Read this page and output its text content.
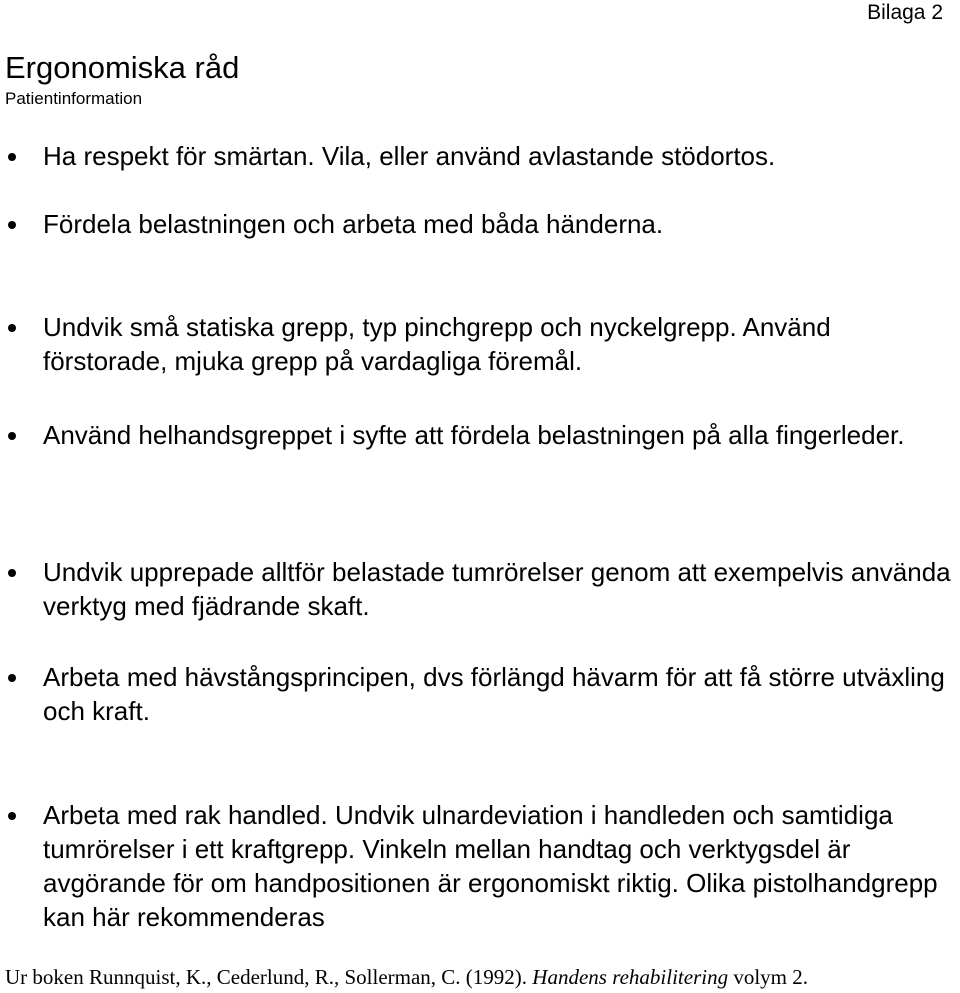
Bilaga 2
Ergonomiska råd
Patientinformation
Ha respekt för smärtan. Vila, eller använd avlastande stödortos.
Fördela belastningen och arbeta med båda händerna.
Undvik små statiska grepp, typ pinchgrepp och nyckelgrepp. Använd förstorade, mjuka grepp på vardagliga föremål.
Använd helhandsgreppet i syfte att fördela belastningen på alla fingerleder.
Undvik upprepade alltför belastade tumrörelser genom att exempelvis använda verktyg med fjädrande skaft.
Arbeta med hävstångsprincipen, dvs förlängd hävarm för att få större utväxling och kraft.
Arbeta med rak handled. Undvik ulnardeviation i handleden och samtidiga tumrörelser i ett kraftgrepp. Vinkeln mellan handtag och verktygsdel är avgörande för om handpositionen är ergonomiskt riktig. Olika pistolhandgrepp kan här rekommenderas
Ur boken Runnquist, K., Cederlund, R., Sollerman, C. (1992). Handens rehabilitering volym 2.
